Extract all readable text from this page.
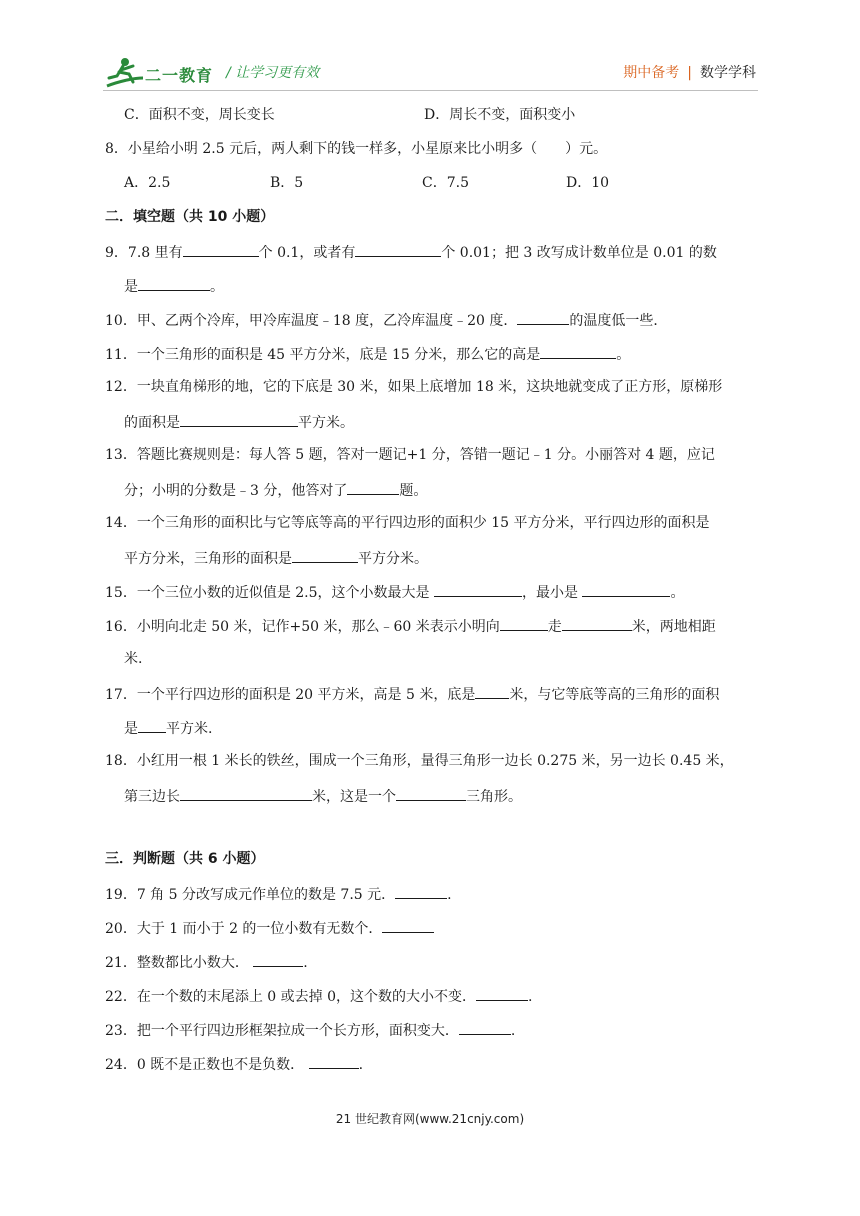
二一教育 / 让学习更有效	期中备考 | 数学学科
C．面积不变，周长变长	D．周长不变，面积变小
8．小星给小明 2.5 元后，两人剩下的钱一样多，小星原来比小明多（　　）元。
A．2.5	B．5	C．7.5	D．10
二．填空题（共 10 小题）
9．7.8 里有	个 0.1，或者有	个 0.01；把 3 改写成计数单位是 0.01 的数
是	。
10．甲、乙两个冷库，甲冷库温度﹣18 度，乙冷库温度﹣20 度．	的温度低一些．
11．一个三角形的面积是 45 平方分米，底是 15 分米，那么它的高是	。
12．一块直角梯形的地，它的下底是 30 米，如果上底增加 18 米，这块地就变成了正方形，原梯形
的面积是	平方米。
13．答题比赛规则是：每人答 5 题，答对一题记+1 分，答错一题记﹣1 分。小丽答对 4 题，应记
分；小明的分数是﹣3 分，他答对了	题。
14．一个三角形的面积比与它等底等高的平行四边形的面积少 15 平方分米，平行四边形的面积是
平方分米，三角形的面积是	平方分米。
15．一个三位小数的近似值是 2.5，这个小数最大是	，最小是	。
16．小明向北走 50 米，记作+50 米，那么﹣60 米表示小明向	走	米，两地相距
米.
17．一个平行四边形的面积是 20 平方米，高是 5 米，底是 米，与它等底等高的三角形的面积
是 平方米.
18．小红用一根 1 米长的铁丝，围成一个三角形，量得三角形一边长 0.275 米，另一边长 0.45 米，
第三边长	米，这是一个	三角形。
三．判断题（共 6 小题）
19．7 角 5 分改写成元作单位的数是 7.5 元．	.
20．大于 1 而小于 2 的一位小数有无数个．
21．整数都比小数大．	.
22．在一个数的末尾添上 0 或去掉 0，这个数的大小不变．	.
23．把一个平行四边形框架拉成一个长方形，面积变大．	.
24．0 既不是正数也不是负数．	.
21 世纪教育网(www.21cnjy.com)
